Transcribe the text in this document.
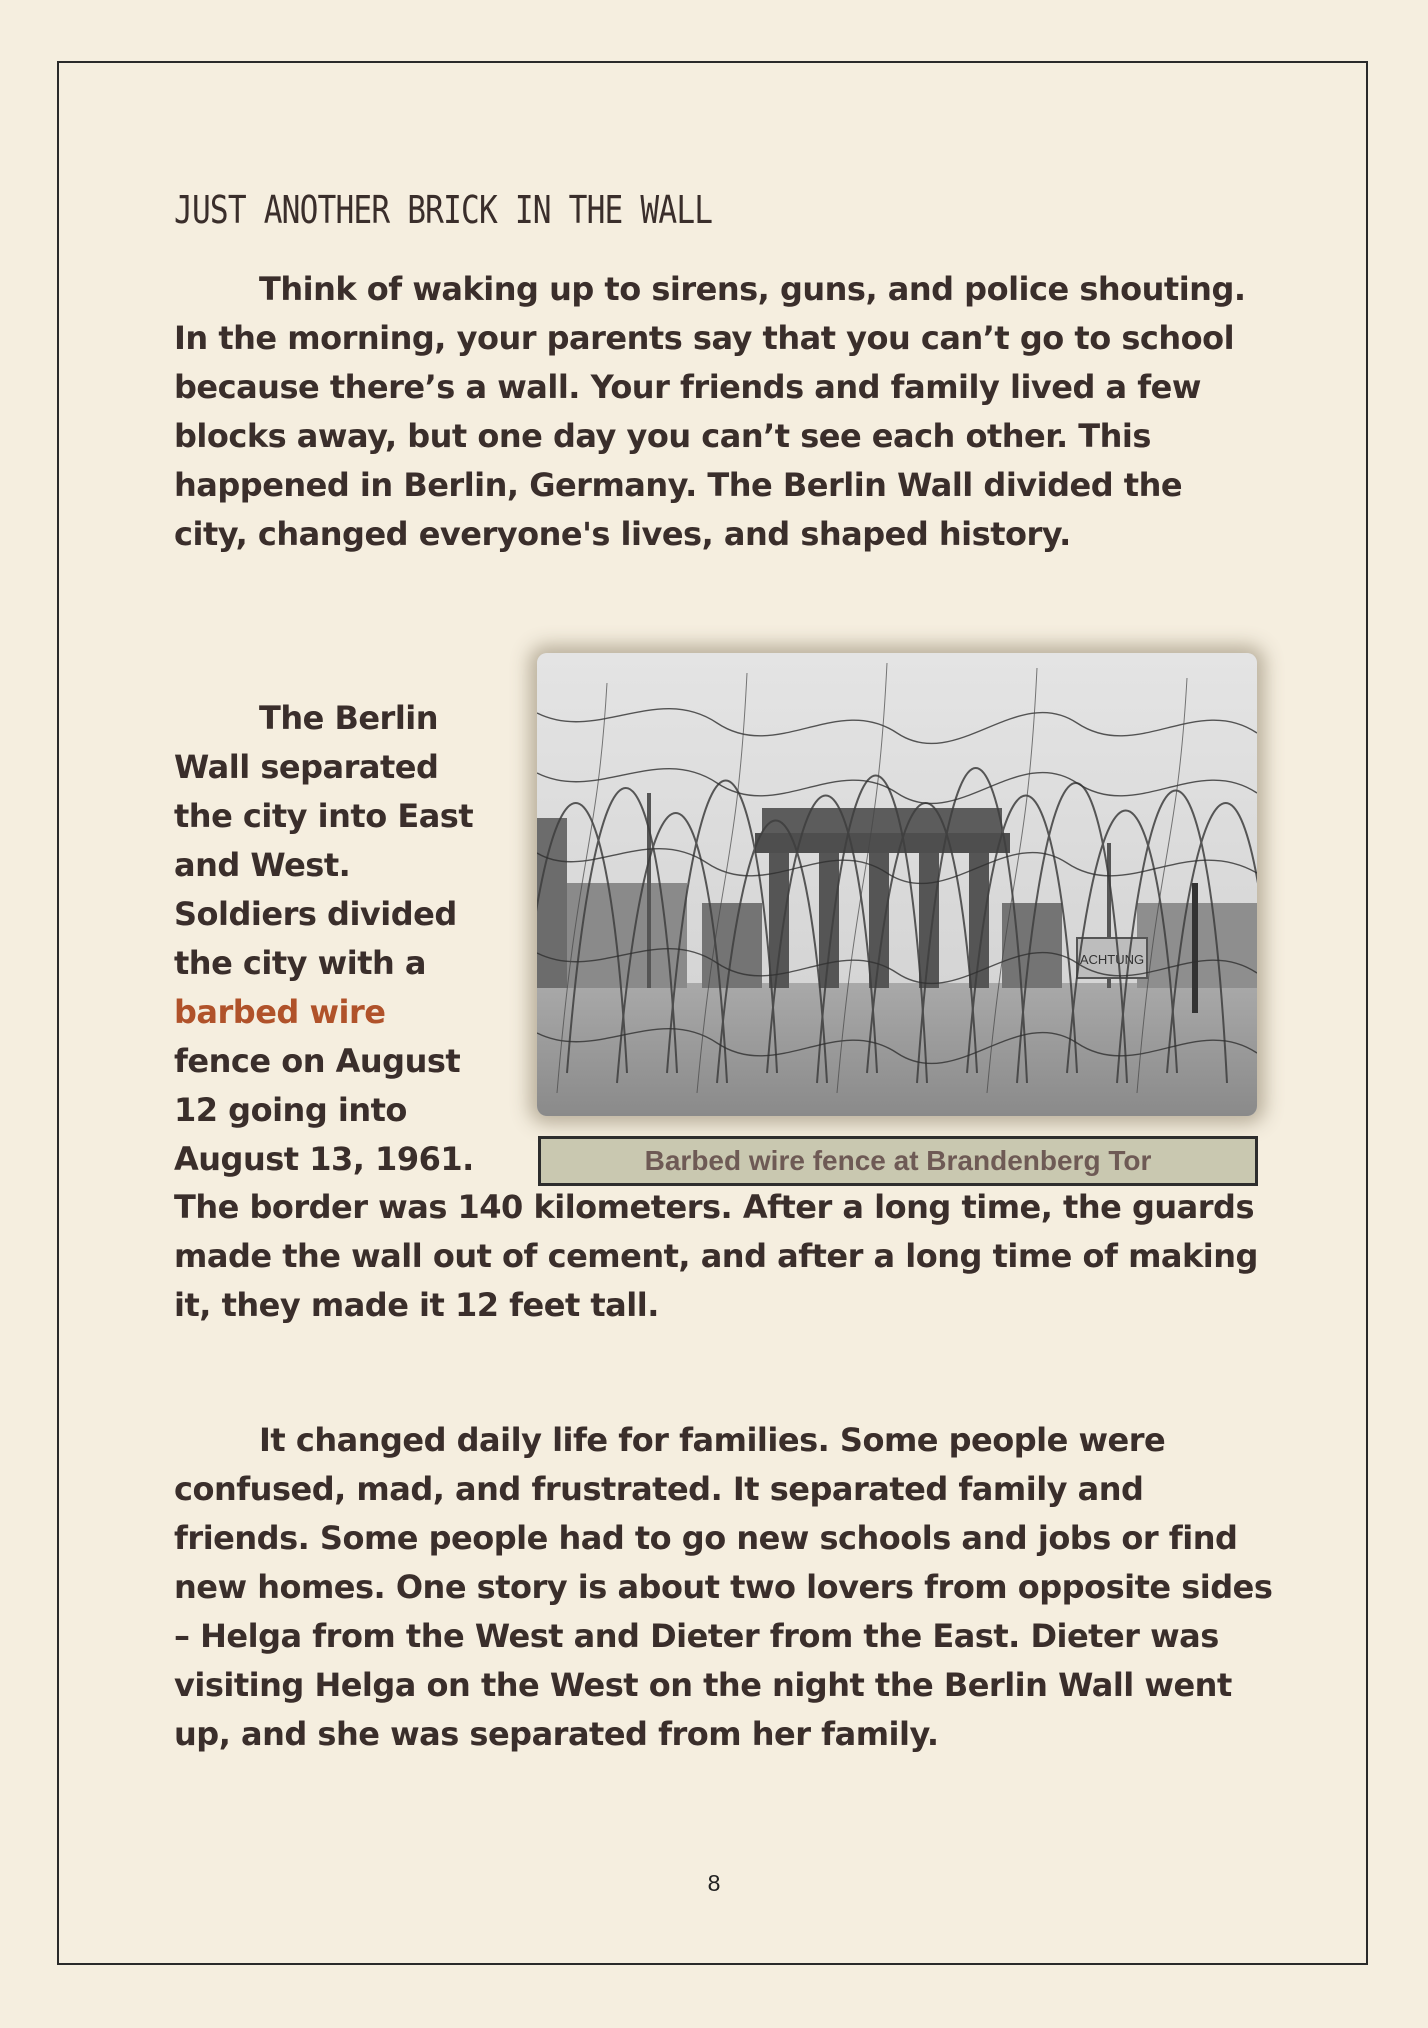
JUST ANOTHER BRICK IN THE WALL

Think of waking up to sirens, guns, and police shouting. In the morning, your parents say that you can’t go to school because there’s a wall. Your friends and family lived a few blocks away, but one day you can’t see each other. This happened in Berlin, Germany. The Berlin Wall divided the city, changed everyone's lives, and shaped history.

The Berlin
Wall separated
the city into East
and West.
Soldiers divided
the city with a
barbed wire
fence on August
12 going into
August 13, 1961.

The border was 140 kilometers. After a long time, the guards made the wall out of cement, and after a long time of making it, they made it 12 feet tall.

ACHTUNG
Barbed wire fence at Brandenberg Tor

It changed daily life for families. Some people were confused, mad, and frustrated. It separated family and friends. Some people had to go new schools and jobs or find new homes. One story is about two lovers from opposite sides – Helga from the West and Dieter from the East. Dieter was visiting Helga on the West on the night the Berlin Wall went up, and she was separated from her family.

8
